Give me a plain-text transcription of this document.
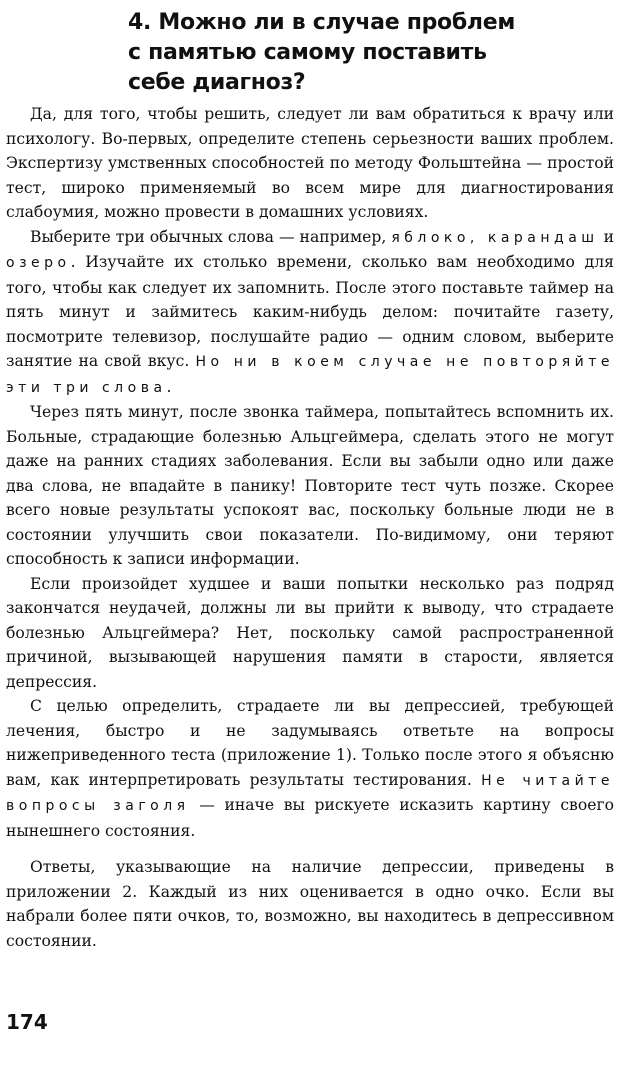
4. Можно ли в случае проблем
с памятью самому поставить
себе диагноз?

Да, для того, чтобы решить, следует ли вам обратиться к врачу или психологу. Во-первых, определите степень серьезности ваших проблем. Экспертизу умственных способностей по методу Фольштейна — простой тест, широко применяемый во всем мире для диагностирования слабоумия, можно провести в домашних условиях.

Выберите три обычных слова — например, яблоко, карандаш и озеро. Изучайте их столько времени, сколько вам необходимо для того, чтобы как следует их запомнить. После этого поставьте таймер на пять минут и займитесь каким-нибудь делом: почитайте газету, посмотрите телевизор, послушайте радио — одним словом, выберите занятие на свой вкус. Но ни в коем случае не повторяйте эти три слова.

Через пять минут, после звонка таймера, попытайтесь вспомнить их. Больные, страдающие болезнью Альцгеймера, сделать этого не могут даже на ранних стадиях заболевания. Если вы забыли одно или даже два слова, не впадайте в панику! Повторите тест чуть позже. Скорее всего новые результаты успокоят вас, поскольку больные люди не в состоянии улучшить свои показатели. По-видимому, они теряют способность к записи информации.

Если произойдет худшее и ваши попытки несколько раз подряд закончатся неудачей, должны ли вы прийти к выводу, что страдаете болезнью Альцгеймера? Нет, поскольку самой распространенной причиной, вызывающей нарушения памяти в старости, является депрессия.

С целью определить, страдаете ли вы депрессией, требующей лечения, быстро и не задумываясь ответьте на вопросы нижеприведенного теста (приложение 1). Только после этого я объясню вам, как интерпретировать результаты тестирования. Не читайте вопросы заголя — иначе вы рискуете исказить картину своего нынешнего состояния.

Ответы, указывающие на наличие депрессии, приведены в приложении 2. Каждый из них оценивается в одно очко. Если вы набрали более пяти очков, то, возможно, вы находитесь в депрессивном состоянии.

174
